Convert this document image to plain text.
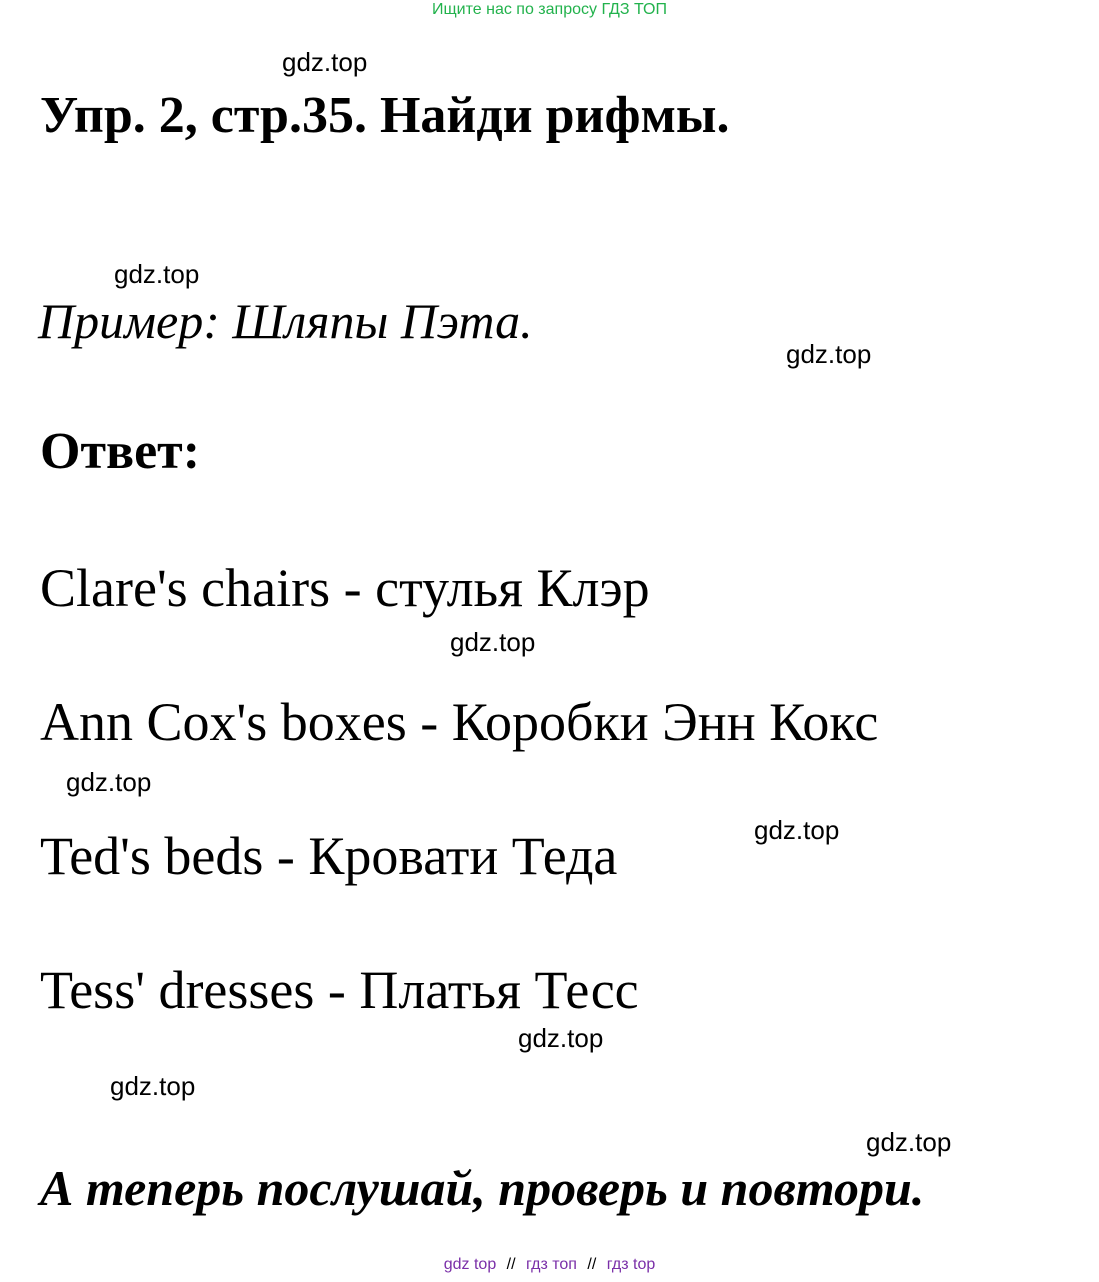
Ищите нас по запросу ГДЗ ТОП
gdz.top
gdz.top
gdz.top
gdz.top
gdz.top
gdz.top
gdz.top
gdz.top
gdz.top
Упр. 2, стр.35. Найди рифмы.
Пример: Шляпы Пэта.
Ответ:
Clare's chairs - стулья Клэр
Ann Cox's boxes - Коробки Энн Кокс
Ted's beds - Кровати Теда
Tess' dresses - Платья Тесс
А теперь послушай, проверь и повтори.
gdz top // гдз топ // гдз top
